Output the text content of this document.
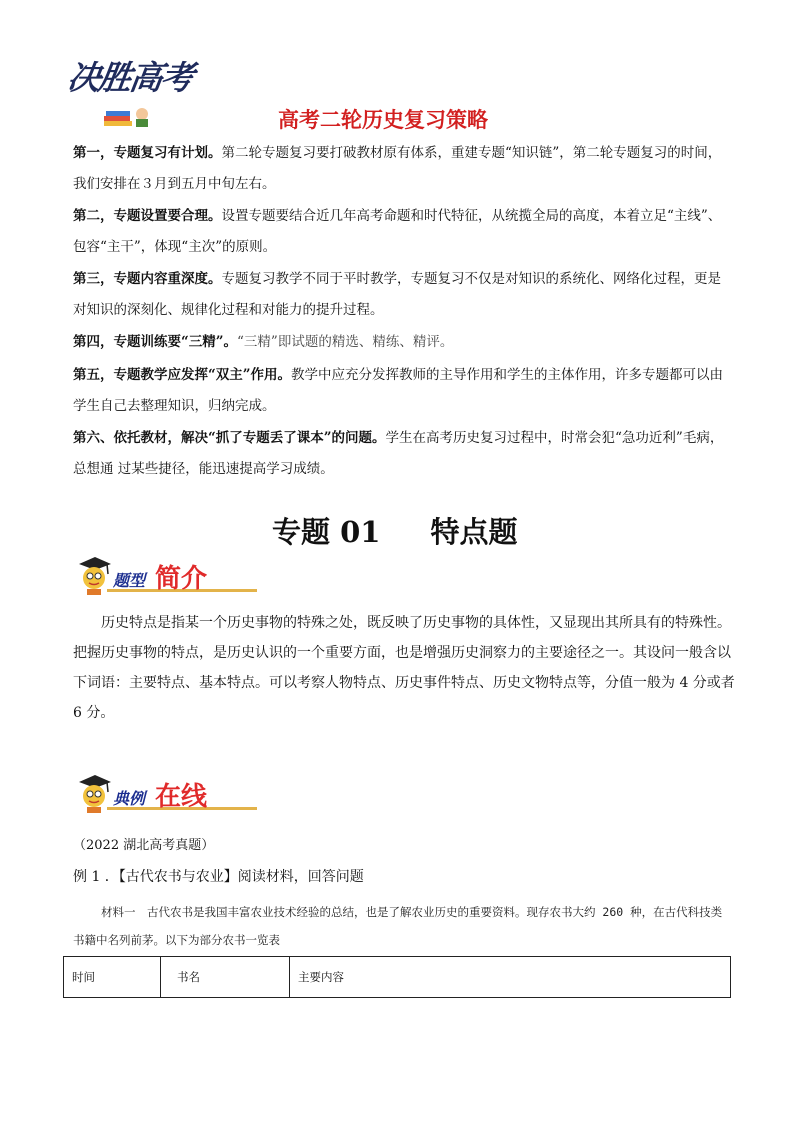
决胜高考
高考二轮历史复习策略
第一，专题复习有计划。第二轮专题复习要打破教材原有体系，重建专题“知识链”，第二轮专题复习的时间，我们安排在３月到五月中旬左右。
第二，专题设置要合理。设置专题要结合近几年高考命题和时代特征，从统揽全局的高度，本着立足“主线”、包容“主干”，体现“主次”的原则。
第三，专题内容重深度。专题复习教学不同于平时教学，专题复习不仅是对知识的系统化、网络化过程，更是对知识的深刻化、规律化过程和对能力的提升过程。
第四，专题训练要“三精”。“三精”即试题的精选、精练、精评。
第五，专题教学应发挥“双主”作用。教学中应充分发挥教师的主导作用和学生的主体作用，许多专题都可以由学生自己去整理知识，归纳完成。
第六、依托教材，解决“抓了专题丢了课本”的问题。学生在高考历史复习过程中，时常会犯“急功近利”毛病，总想通 过某些捷径，能迅速提高学习成绩。
专题 01 特点题
题型 简介
历史特点是指某一个历史事物的特殊之处，既反映了历史事物的具体性，又显现出其所具有的特殊性。把握历史事物的特点，是历史认识的一个重要方面，也是增强历史洞察力的主要途径之一。其设问一般含以下词语：主要特点、基本特点。可以考察人物特点、历史事件特点、历史文物特点等，分值一般为 4 分或者 6 分。
典例 在线
（2022 湖北高考真题）
例 1 ．【古代农书与农业】阅读材料，回答问题
材料一　古代农书是我国丰富农业技术经验的总结，也是了解农业历史的重要资料。现存农书大约 260 种，在古代科技类书籍中名列前茅。以下为部分农书一览表
时间	书名	主要内容
